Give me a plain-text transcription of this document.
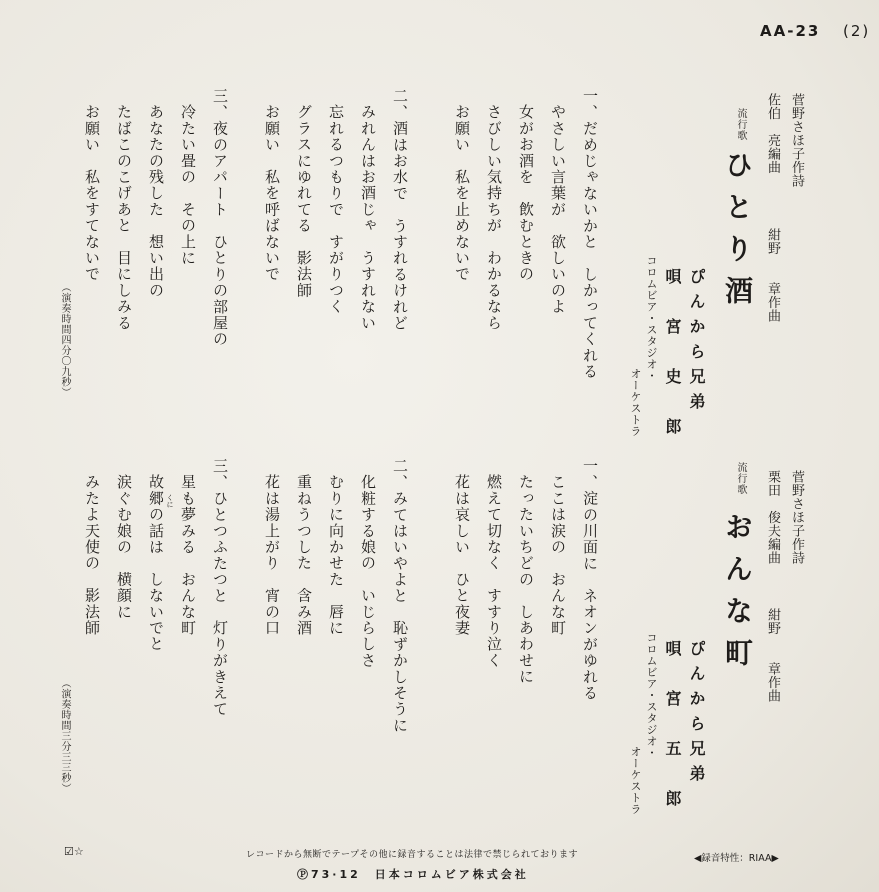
AA-23 (2)
菅野さほ子作詩
佐伯　亮編曲
紺野　　章作曲
流行歌
ひとり酒
ぴんから兄弟
唄　宮　史　郎
コロムビア・スタジオ・
オーケストラ
一、だめじゃないかと　しかってくれる
やさしい言葉が　欲しいのよ
女がお酒を　飲むときの
さびしい気持ちが　わかるなら
お願い　私を止めないで
二、酒はお水で　うすれるけれど
みれんはお酒じゃ　うすれない
忘れるつもりで　すがりつく
グラスにゆれてる　影法師
お願い　私を呼ばないで
三、夜のアパート　ひとりの部屋の
冷たい畳の　その上に
あなたの残した　想い出の
たばこのこげあと　目にしみる
お願い　私をすてないで
（演奏時間四分〇九秒）
菅野さほ子作詩
栗田　俊夫編曲
紺野　　章作曲
流行歌
おんな町
ぴんから兄弟
唄　宮　五　郎
コロムビア・スタジオ・
オーケストラ
一、淀の川面に　ネオンがゆれる
ここは涙の　おんな町
たったいちどの　しあわせに
燃えて切なく　すすり泣く
花は哀しい　ひと夜妻
二、みてはいやよと　恥ずかしそうに
化粧する娘の　いじらしさ
むりに向かせた　唇に
重ねうつした　含み酒
花は湯上がり　宵の口
三、ひとつふたつと　灯りがきえて
星も夢みる　おんな町
故郷の話は　しないでと
涙ぐむ娘の　横顔に
みたよ天使の　影法師	くに
（演奏時間三分三三秒）
☑☆	レコードから無断でテープその他に録音することは法律で禁じられております
Ⓟ73·12　日本コロムビア株式会社
◀録音特性：RIAA▶
